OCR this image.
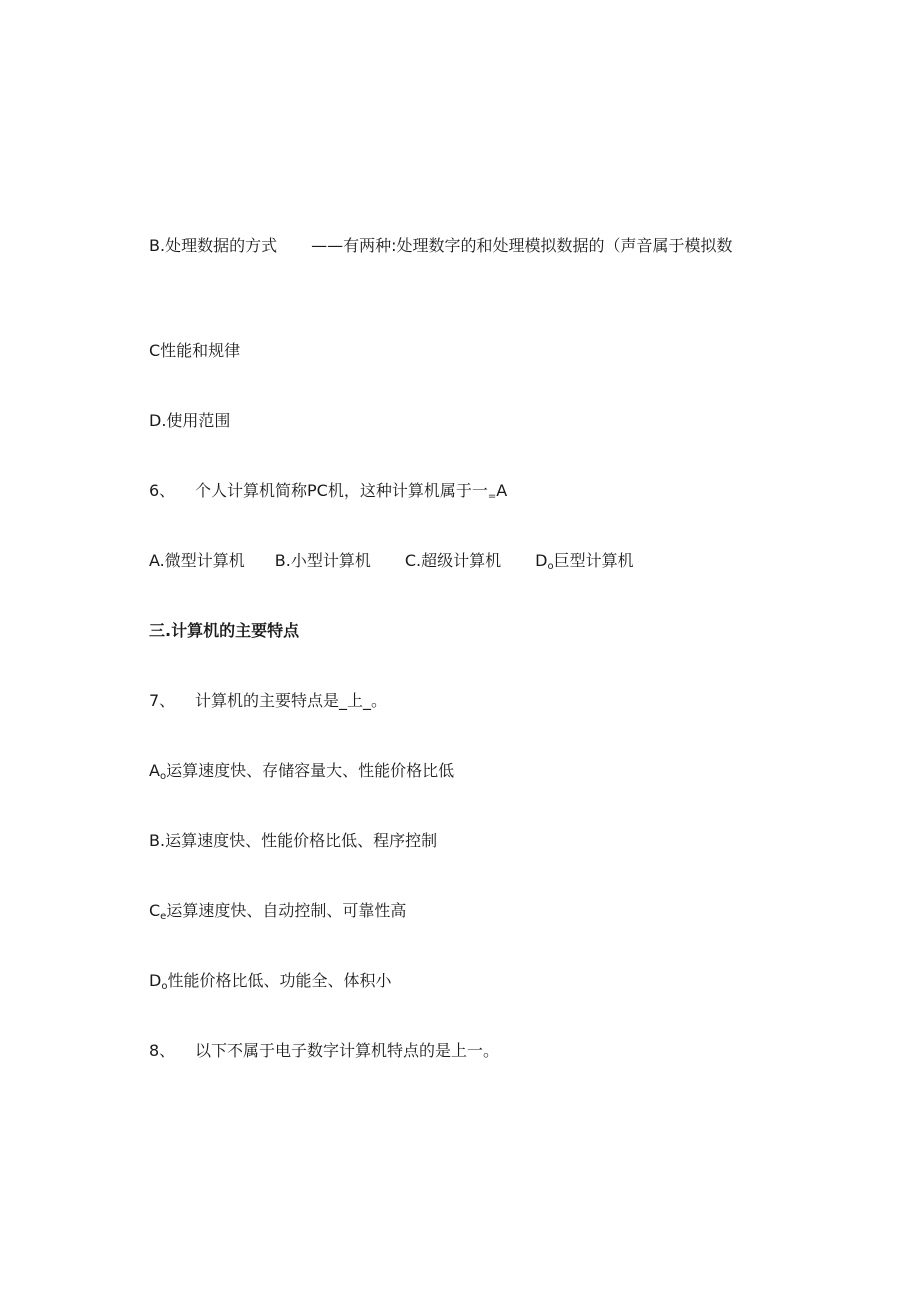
B.处理数据的方式 ——有两种:处理数字的和处理模拟数据的（声音属于模拟数
C性能和规律
D.使用范围
6、 个人计算机简称PC机，这种计算机属于一$_=$A
A.微型计算机 B.小型计算机 C.超级计算机 $D_o$巨型计算机
三.计算机的主要特点
7、 计算机的主要特点是_上_。
$A_o$运算速度快、存储容量大、性能价格比低
B.运算速度快、性能价格比低、程序控制
$C_e$运算速度快、自动控制、可靠性高
$D_o$性能价格比低、功能全、体积小
8、 以下不属于电子数字计算机特点的是上一。
